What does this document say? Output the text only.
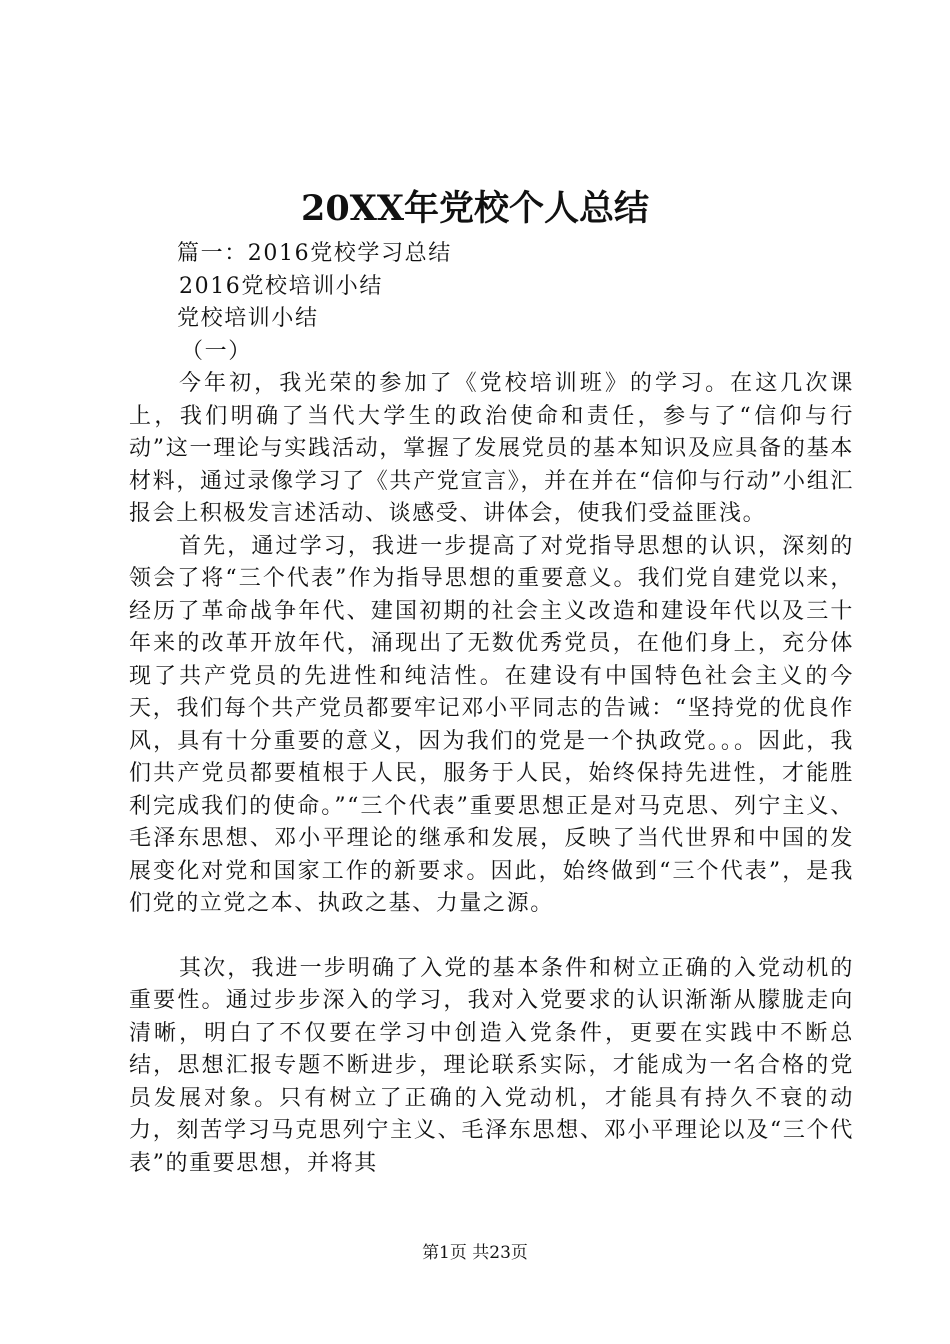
20XX年党校个人总结
篇一：2016党校学习总结
2016党校培训小结
党校培训小结
（一）

今年初，我光荣的参加了《党校培训班》的学习。在这几次课上，我们明确了当代大学生的政治使命和责任，参与了“信仰与行动”这一理论与实践活动，掌握了发展党员的基本知识及应具备的基本材料，通过录像学习了《共产党宣言》，并在并在“信仰与行动”小组汇报会上积极发言述活动、谈感受、讲体会，使我们受益匪浅。

首先，通过学习，我进一步提高了对党指导思想的认识，深刻的领会了将“三个代表”作为指导思想的重要意义。我们党自建党以来，经历了革命战争年代、建国初期的社会主义改造和建设年代以及三十年来的改革开放年代，涌现出了无数优秀党员，在他们身上，充分体现了共产党员的先进性和纯洁性。在建设有中国特色社会主义的今天，我们每个共产党员都要牢记邓小平同志的告诫：“坚持党的优良作风，具有十分重要的意义，因为我们的党是一个执政党。。。因此，我们共产党员都要植根于人民，服务于人民，始终保持先进性，才能胜利完成我们的使命。”“三个代表”重要思想正是对马克思、列宁主义、毛泽东思想、邓小平理论的继承和发展，反映了当代世界和中国的发展变化对党和国家工作的新要求。因此，始终做到“三个代表”，是我们党的立党之本、执政之基、力量之源。

其次，我进一步明确了入党的基本条件和树立正确的入党动机的重要性。通过步步深入的学习，我对入党要求的认识渐渐从朦胧走向清晰，明白了不仅要在学习中创造入党条件，更要在实践中不断总结，思想汇报专题不断进步，理论联系实际，才能成为一名合格的党员发展对象。只有树立了正确的入党动机，才能具有持久不衰的动力，刻苦学习马克思列宁主义、毛泽东思想、邓小平理论以及“三个代表”的重要思想，并将其

第1页 共23页
